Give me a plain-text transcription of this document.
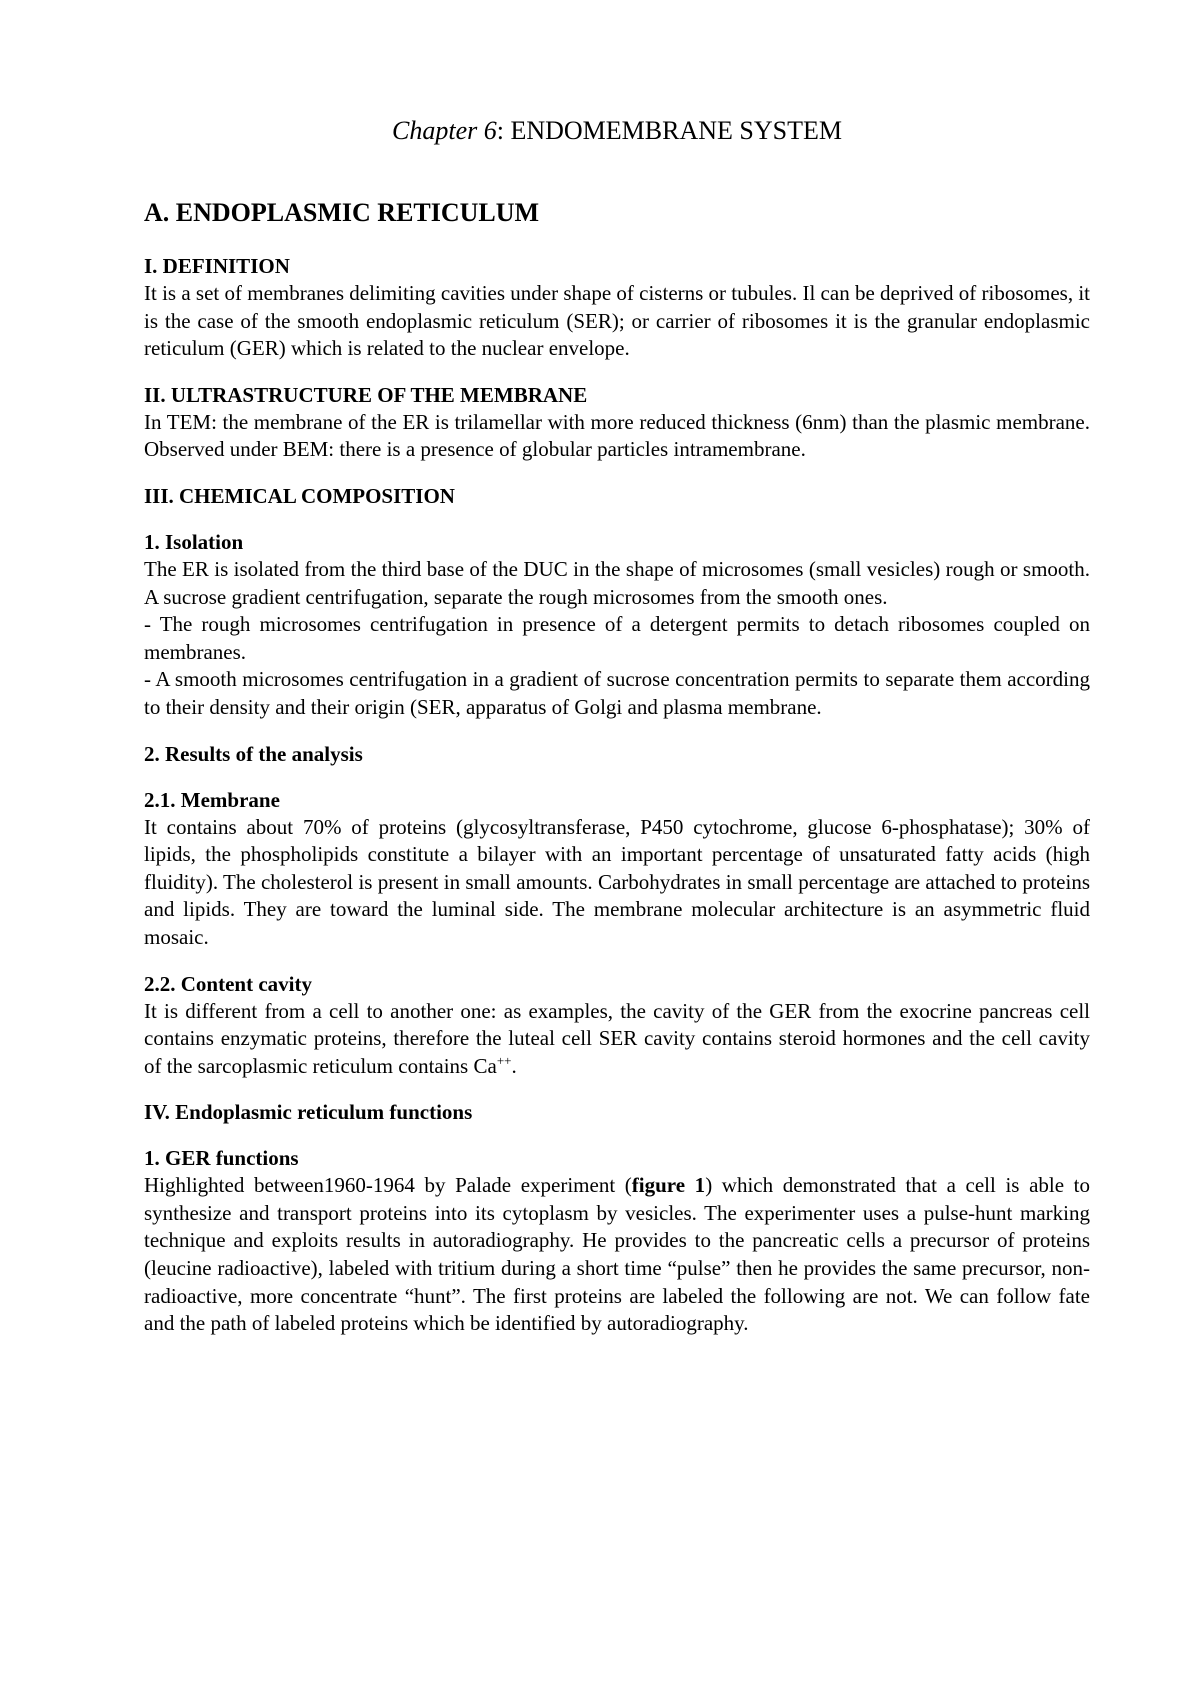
Chapter 6: ENDOMEMBRANE SYSTEM
A. ENDOPLASMIC RETICULUM
I. DEFINITION

It is a set of membranes delimiting cavities under shape of cisterns or tubules. Il can be deprived of ribosomes, it is the case of the smooth endoplasmic reticulum (SER); or carrier of ribosomes it is the granular endoplasmic reticulum (GER) which is related to the nuclear envelope.

II. ULTRASTRUCTURE OF THE MEMBRANE

In TEM: the membrane of the ER is trilamellar with more reduced thickness (6nm) than the plasmic membrane. Observed under BEM: there is a presence of globular particles intramembrane.

III. CHEMICAL COMPOSITION
1. Isolation

The ER is isolated from the third base of the DUC in the shape of microsomes (small vesicles) rough or smooth. A sucrose gradient centrifugation, separate the rough microsomes from the smooth ones.

- The rough microsomes centrifugation in presence of a detergent permits to detach ribosomes coupled on membranes.

- A smooth microsomes centrifugation in a gradient of sucrose concentration permits to separate them according to their density and their origin (SER, apparatus of Golgi and plasma membrane.

2. Results of the analysis
2.1. Membrane

It contains about 70% of proteins (glycosyltransferase, P450 cytochrome, glucose 6-phosphatase); 30% of lipids, the phospholipids constitute a bilayer with an important percentage of unsaturated fatty acids (high fluidity). The cholesterol is present in small amounts. Carbohydrates in small percentage are attached to proteins and lipids. They are toward the luminal side. The membrane molecular architecture is an asymmetric fluid mosaic.

2.2. Content cavity

It is different from a cell to another one: as examples, the cavity of the GER from the exocrine pancreas cell contains enzymatic proteins, therefore the luteal cell SER cavity contains steroid hormones and the cell cavity of the sarcoplasmic reticulum contains Ca++.

IV. Endoplasmic reticulum functions
1. GER functions

Highlighted between1960-1964 by Palade experiment (figure 1) which demonstrated that a cell is able to synthesize and transport proteins into its cytoplasm by vesicles. The experimenter uses a pulse-hunt marking technique and exploits results in autoradiography. He provides to the pancreatic cells a precursor of proteins (leucine radioactive), labeled with tritium during a short time “pulse” then he provides the same precursor, non-radioactive, more concentrate “hunt”. The first proteins are labeled the following are not. We can follow fate and the path of labeled proteins which be identified by autoradiography.
